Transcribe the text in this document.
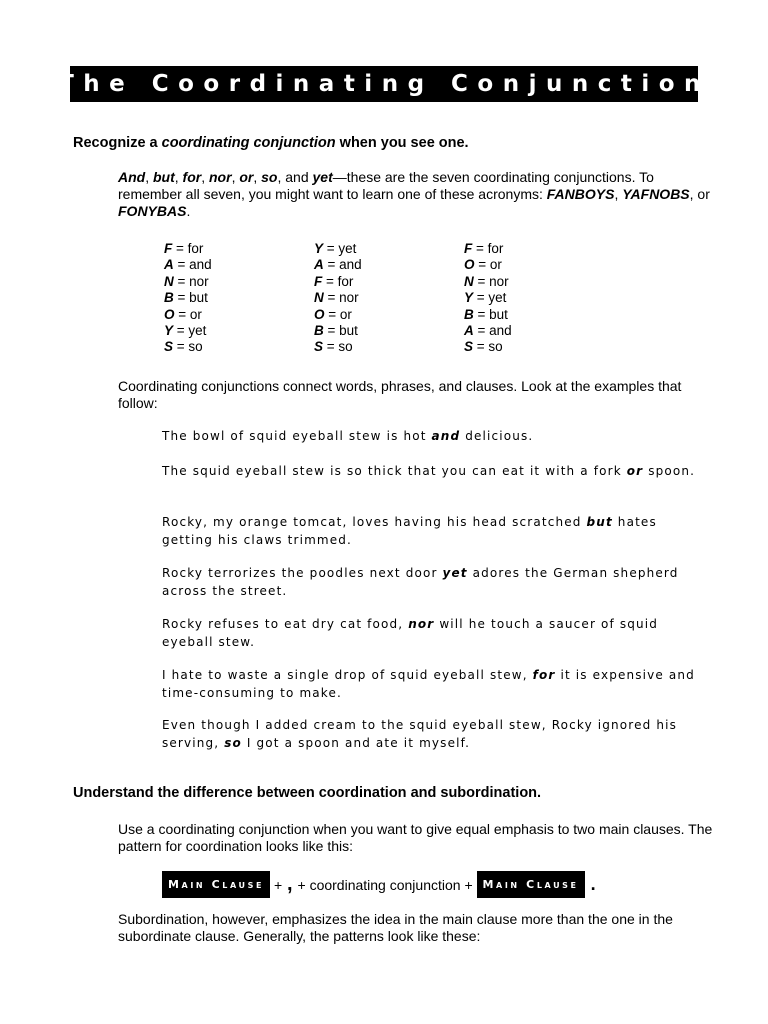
The Coordinating Conjunction
Recognize a coordinating conjunction when you see one.
And, but, for, nor, or, so, and yet—these are the seven coordinating conjunctions. To remember all seven, you might want to learn one of these acronyms: FANBOYS, YAFNOBS, or FONYBAS.
F = for
A = and
N = nor
B = but
O = or
Y = yet
S = so
Y = yet
A = and
F = for
N = nor
O = or
B = but
S = so
F = for
O = or
N = nor
Y = yet
B = but
A = and
S = so
Coordinating conjunctions connect words, phrases, and clauses. Look at the examples that follow:
The bowl of squid eyeball stew is hot and delicious.
The squid eyeball stew is so thick that you can eat it with a fork or spoon.
Rocky, my orange tomcat, loves having his head scratched but hates getting his claws trimmed.
Rocky terrorizes the poodles next door yet adores the German shepherd across the street.
Rocky refuses to eat dry cat food, nor will he touch a saucer of squid eyeball stew.
I hate to waste a single drop of squid eyeball stew, for it is expensive and time-consuming to make.
Even though I added cream to the squid eyeball stew, Rocky ignored his serving, so I got a spoon and ate it myself.
Understand the difference between coordination and subordination.
Use a coordinating conjunction when you want to give equal emphasis to two main clauses. The pattern for coordination looks like this:
Main Clause + , + coordinating conjunction + Main Clause .
Subordination, however, emphasizes the idea in the main clause more than the one in the subordinate clause. Generally, the patterns look like these:
